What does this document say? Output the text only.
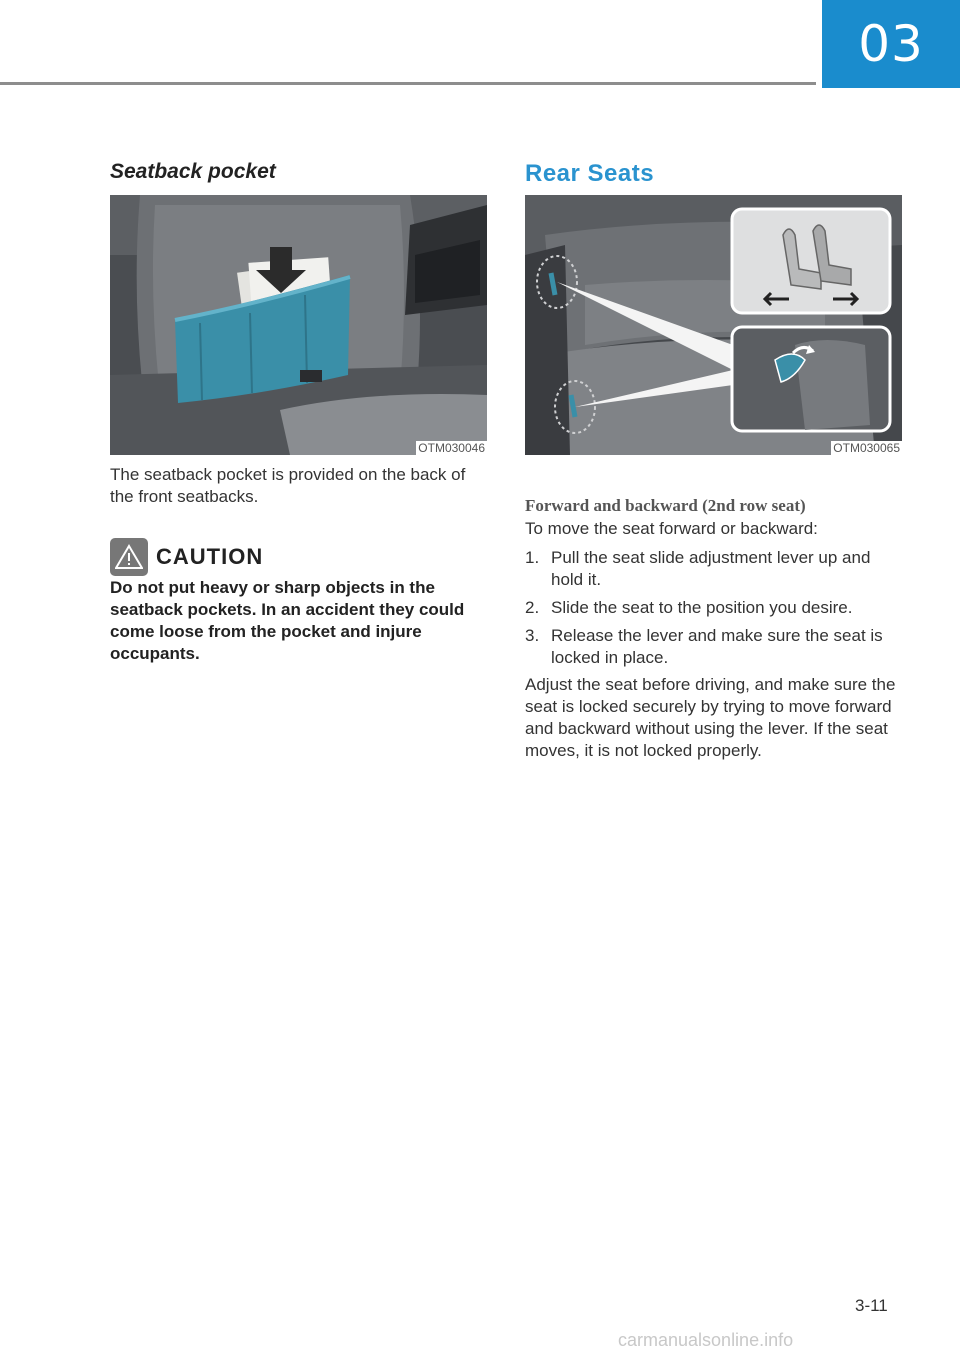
03
Seatback pocket
OTM030046

The seatback pocket is provided on the back of the front seatbacks.

CAUTION

Do not put heavy or sharp objects in the seatback pockets. In an accident they could come loose from the pocket and injure occupants.

Rear Seats
OTM030065
Forward and backward (2nd row seat)

To move the seat forward or backward:

1. Pull the seat slide adjustment lever up and hold it.
2. Slide the seat to the position you desire.
3. Release the lever and make sure the seat is locked in place.

Adjust the seat before driving, and make sure the seat is locked securely by trying to move forward and backward without using the lever. If the seat moves, it is not locked properly.

3-11
carmanualsonline.info
